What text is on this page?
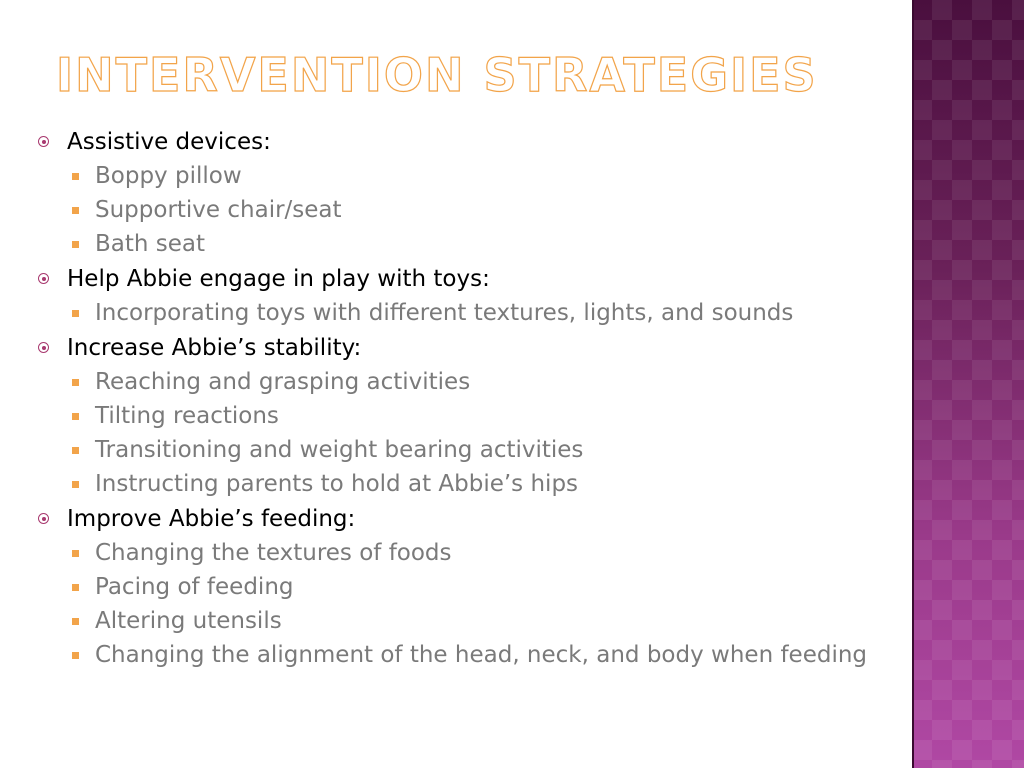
INTERVENTION STRATEGIES
Assistive devices:
Boppy pillow
Supportive chair/seat
Bath seat
Help Abbie engage in play with toys:
Incorporating toys with different textures, lights, and sounds
Increase Abbie’s stability:
Reaching and grasping activities
Tilting reactions
Transitioning and weight bearing activities
Instructing parents to hold at Abbie’s hips
Improve Abbie’s feeding:
Changing the textures of foods
Pacing of feeding
Altering utensils
Changing the alignment of the head, neck, and body when feeding
